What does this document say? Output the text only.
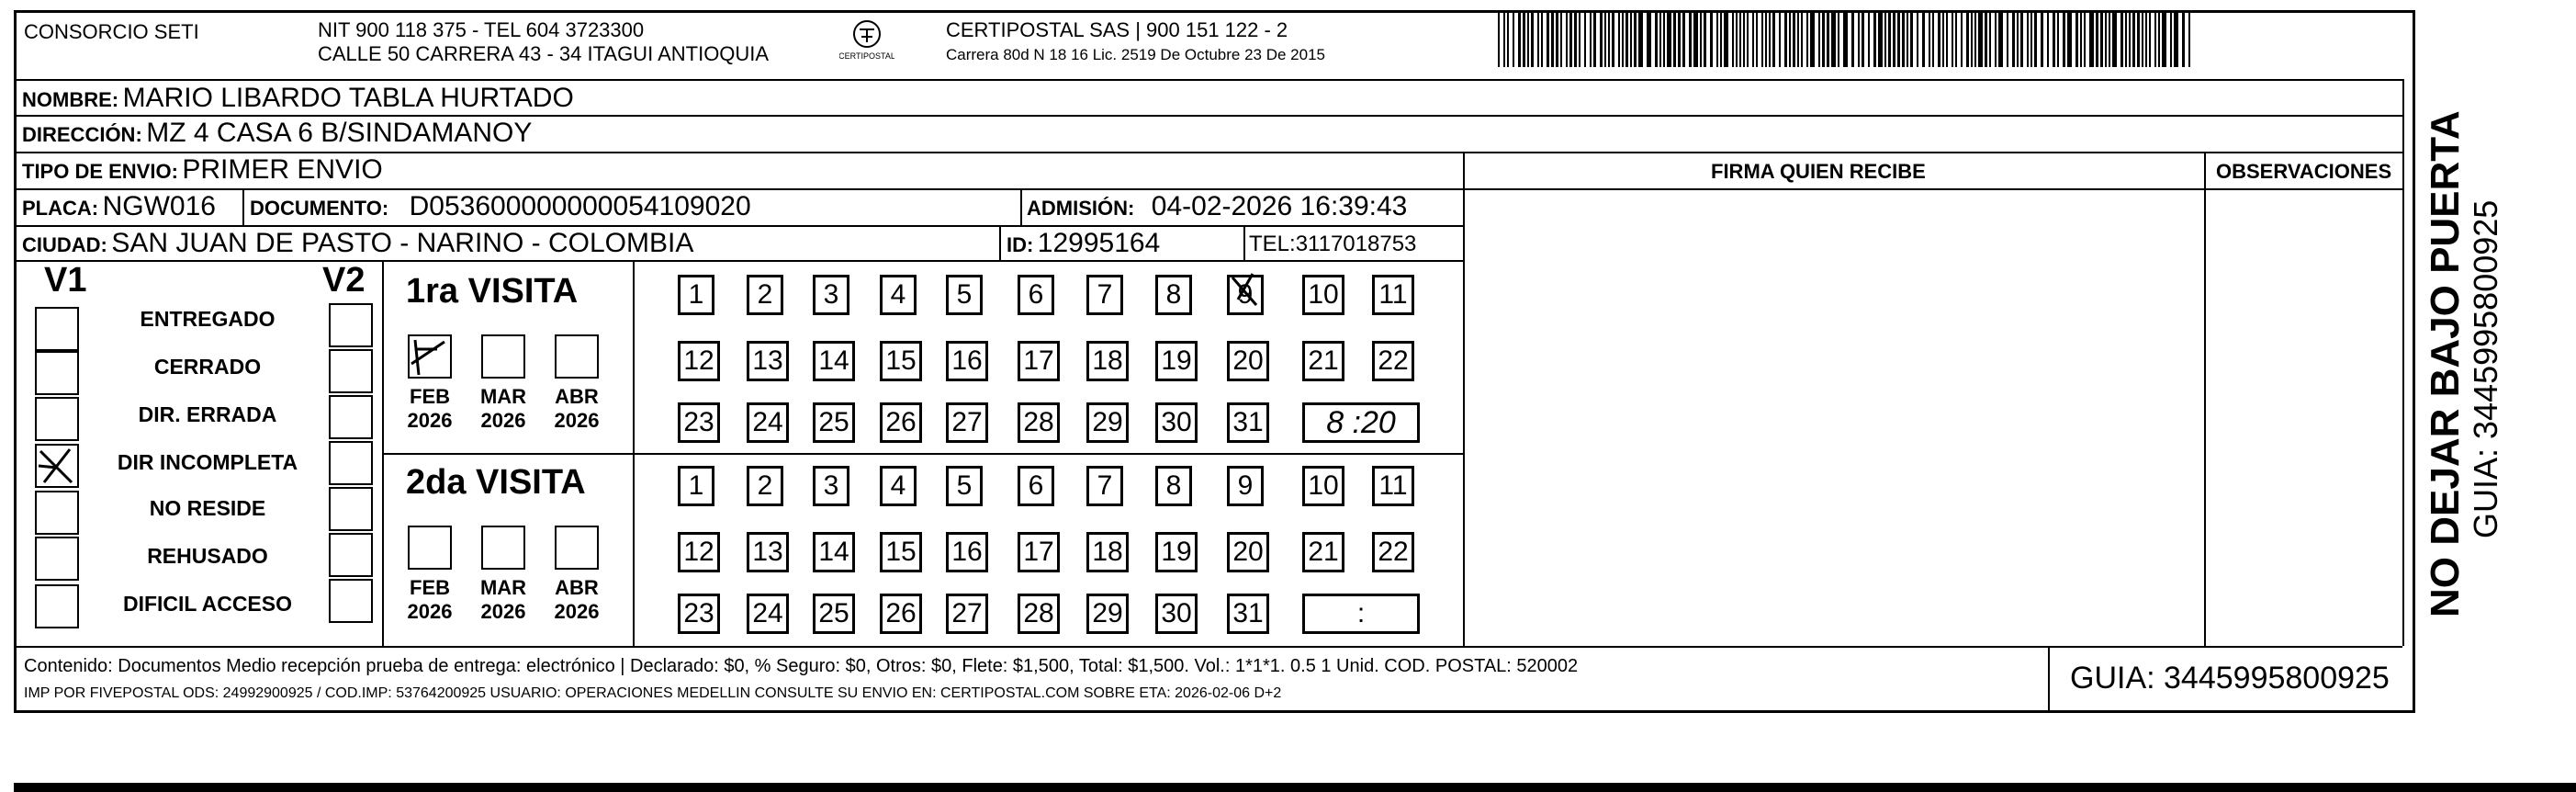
CONSORCIO SETI	NIT 900 118 375 - TEL 604 3723300
CALLE 50 CARRERA 43 - 34 ITAGUI ANTIOQUIA	CERTIPOSTAL
CERTIPOSTAL SAS | 900 151 122 - 2
Carrera 80d N 18 16 Lic. 2519 De Octubre 23 De 2015
NOMBRE: MARIO LIBARDO TABLA HURTADO
DIRECCIÓN: MZ 4 CASA 6 B/SINDAMANOY
TIPO DE ENVIO: PRIMER ENVIO	FIRMA QUIEN RECIBE	OBSERVACIONES
PLACA: NGW016 DOCUMENTO: D053600000000054109020	ADMISIÓN: 04-02-2026 16:39:43
CIUDAD: SAN JUAN DE PASTO - NARINO - COLOMBIA	ID: 12995164	TEL:3117018753
V1	V2
ENTREGADO
CERRADO
DIR. ERRADA
DIR INCOMPLETA
NO RESIDE
REHUSADO
DIFICIL ACCESO
1ra VISITA
2da VISITA
FEB
2026
MAR
2026
ABR
2026
1	2	3	4	5	6	7	8	9	10 11
12 13 14 15 16 17 18 19 20 21 22
23 24 25 26 27 28 29 30 31	8 :20
FEB
2026
MAR
2026
ABR
2026
1	2	3	4	5	6	7	8	9	10 11
12 13 14 15 16 17 18 19 20 21 22
23 24 25 26 27 28 29 30 31	:
Contenido: Documentos Medio recepción prueba de entrega: electrónico | Declarado: $0, % Seguro: $0, Otros: $0, Flete: $1,500, Total: $1,500. Vol.: 1*1*1. 0.5 1 Unid. COD. POSTAL: 520002
IMP POR FIVEPOSTAL ODS: 24992900925 / COD.IMP: 53764200925 USUARIO: OPERACIONES MEDELLIN CONSULTE SU ENVIO EN: CERTIPOSTAL.COM SOBRE ETA: 2026-02-06 D+2	GUIA: 3445995800925
NO DEJAR BAJO PUERTA GUIA: 3445995800925
